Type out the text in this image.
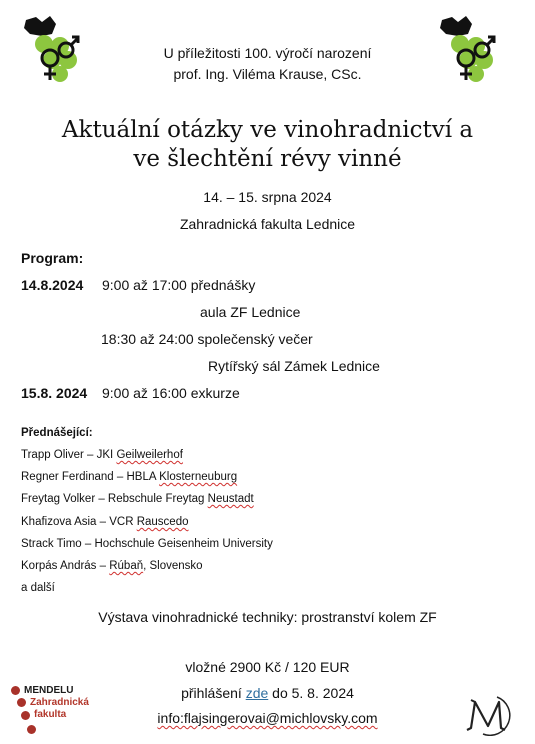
U příležitosti 100. výročí narození
prof. Ing. Viléma Krause, CSc.
Aktuální otázky ve vinohradnictví a
ve šlechtění révy vinné
14. – 15. srpna 2024
Zahradnická fakulta Lednice
Program:
14.8.2024 9:00 až 17:00 přednášky
aula ZF Lednice
18:30 až 24:00 společenský večer
Rytířský sál Zámek Lednice
15.8. 2024 9:00 až 16:00 exkurze
Přednášející:
Trapp Oliver – JKI Geilweilerhof
Regner Ferdinand – HBLA Klosterneuburg
Freytag Volker – Rebschule Freytag Neustadt
Khafizova Asia – VCR Rauscedo
Strack Timo – Hochschule Geisenheim University
Korpás András – Rúbaň, Slovensko
a další
Výstava vinohradnické techniky: prostranství kolem ZF
vložné 2900 Kč / 120 EUR
přihlášení zde do 5. 8. 2024
info:flajsingerovai@michlovsky.com
MENDELU
Zahradnická
fakulta
